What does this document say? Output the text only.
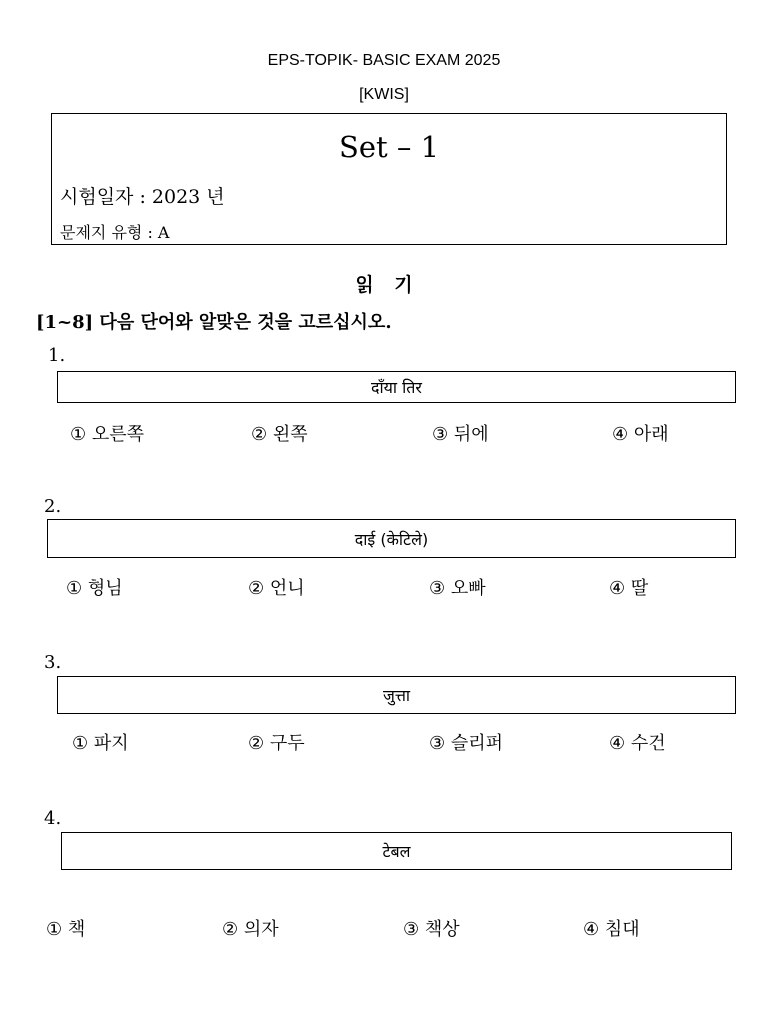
EPS-TOPIK- BASIC EXAM 2025
[KWIS]
Set – 1
시험일자 : 2023 년
문제지 유형 : A
읽 기
[1~8] 다음 단어와 알맞은 것을 고르십시오.
1.
दाँया तिर
① 오른쪽	② 왼쪽	③ 뒤에	④ 아래
2.
दाई (केटिले)
① 형님	② 언니	③ 오빠	④ 딸
3.
जुत्ता
① 파지	② 구두	③ 슬리퍼	④ 수건
4.
टेबल
① 책	② 의자	③ 책상	④ 침대
